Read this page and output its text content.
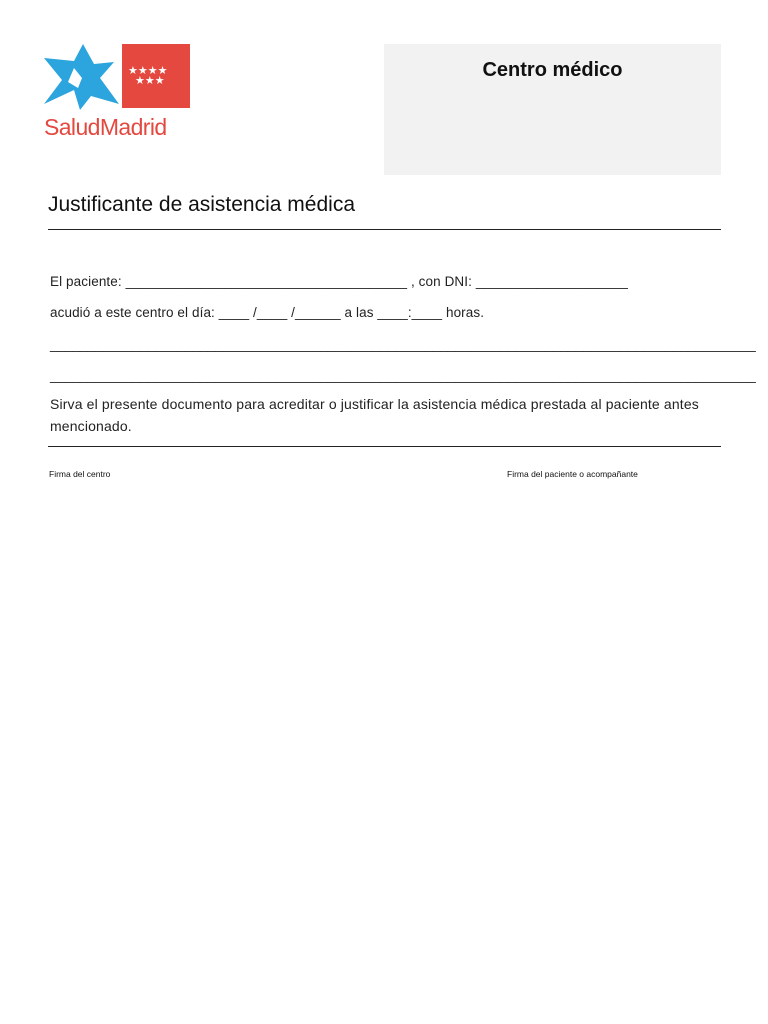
★★★★
★★★
SaludMadrid
Centro médico
Justificante de asistencia médica
El paciente: _____________________________________ , con DNI: ____________________
acudió a este centro el día: ____ /____ /______ a las ____:____ horas.
______________________________________________________________________________________________
______________________________________________________________________________________________
Sirva el presente documento para acreditar o justificar la asistencia médica prestada al paciente antes mencionado.
Firma del centro	Firma del paciente o acompañante
